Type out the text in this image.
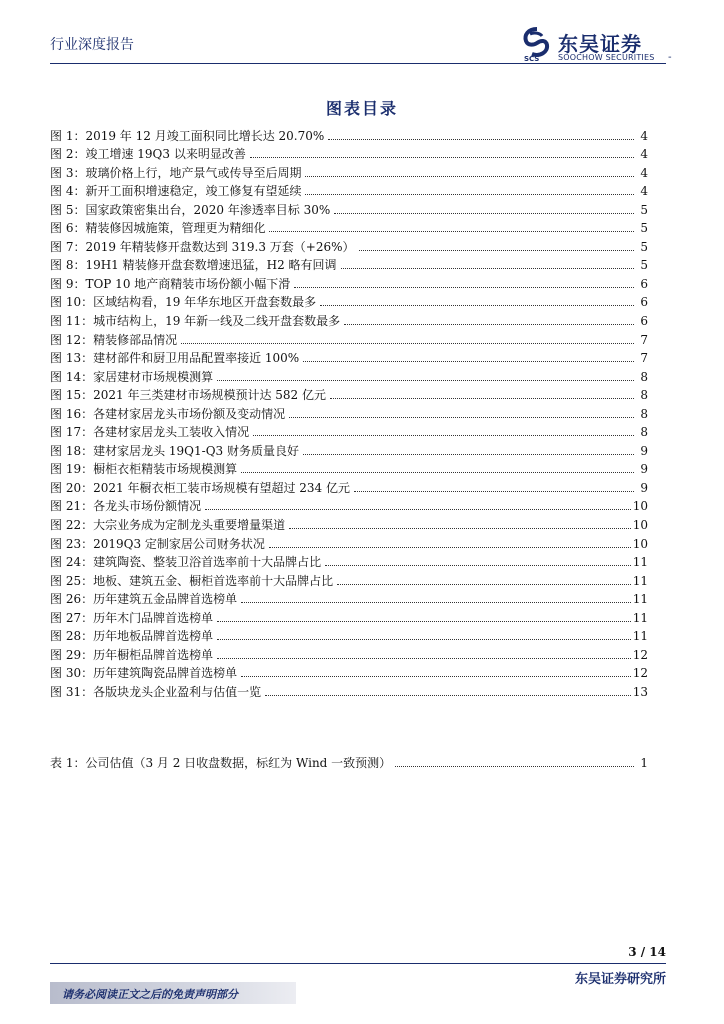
行业深度报告
SCS
东吴证券
SOOCHOW SECURITIES -
图表目录
图 1：2019 年 12 月竣工面积同比增长达 20.70%	4
图 2：竣工增速 19Q3 以来明显改善	4
图 3：玻璃价格上行，地产景气或传导至后周期	4
图 4：新开工面积增速稳定，竣工修复有望延续	4
图 5：国家政策密集出台，2020 年渗透率目标 30%	5
图 6：精装修因城施策，管理更为精细化	5
图 7：2019 年精装修开盘数达到 319.3 万套（+26%）	5
图 8：19H1 精装修开盘套数增速迅猛，H2 略有回调	5
图 9：TOP 10 地产商精装市场份额小幅下滑	6
图 10：区域结构看，19 年华东地区开盘套数最多	6
图 11：城市结构上，19 年新一线及二线开盘套数最多	6
图 12：精装修部品情况	7
图 13：建材部件和厨卫用品配置率接近 100%	7
图 14：家居建材市场规模测算	8
图 15：2021 年三类建材市场规模预计达 582 亿元	8
图 16：各建材家居龙头市场份额及变动情况	8
图 17：各建材家居龙头工装收入情况	8
图 18：建材家居龙头 19Q1-Q3 财务质量良好	9
图 19：橱柜衣柜精装市场规模测算	9
图 20：2021 年橱衣柜工装市场规模有望超过 234 亿元	9
图 21：各龙头市场份额情况	10
图 22：大宗业务成为定制龙头重要增量渠道	10
图 23：2019Q3 定制家居公司财务状况	10
图 24：建筑陶瓷、整装卫浴首选率前十大品牌占比	11
图 25：地板、建筑五金、橱柜首选率前十大品牌占比	11
图 26：历年建筑五金品牌首选榜单	11
图 27：历年木门品牌首选榜单	11
图 28：历年地板品牌首选榜单	11
图 29：历年橱柜品牌首选榜单	12
图 30：历年建筑陶瓷品牌首选榜单	12
图 31：各版块龙头企业盈利与估值一览	13
表 1：公司估值（3 月 2 日收盘数据，标红为 Wind 一致预测）	1
3 / 14
东吴证券研究所
请务必阅读正文之后的免责声明部分
